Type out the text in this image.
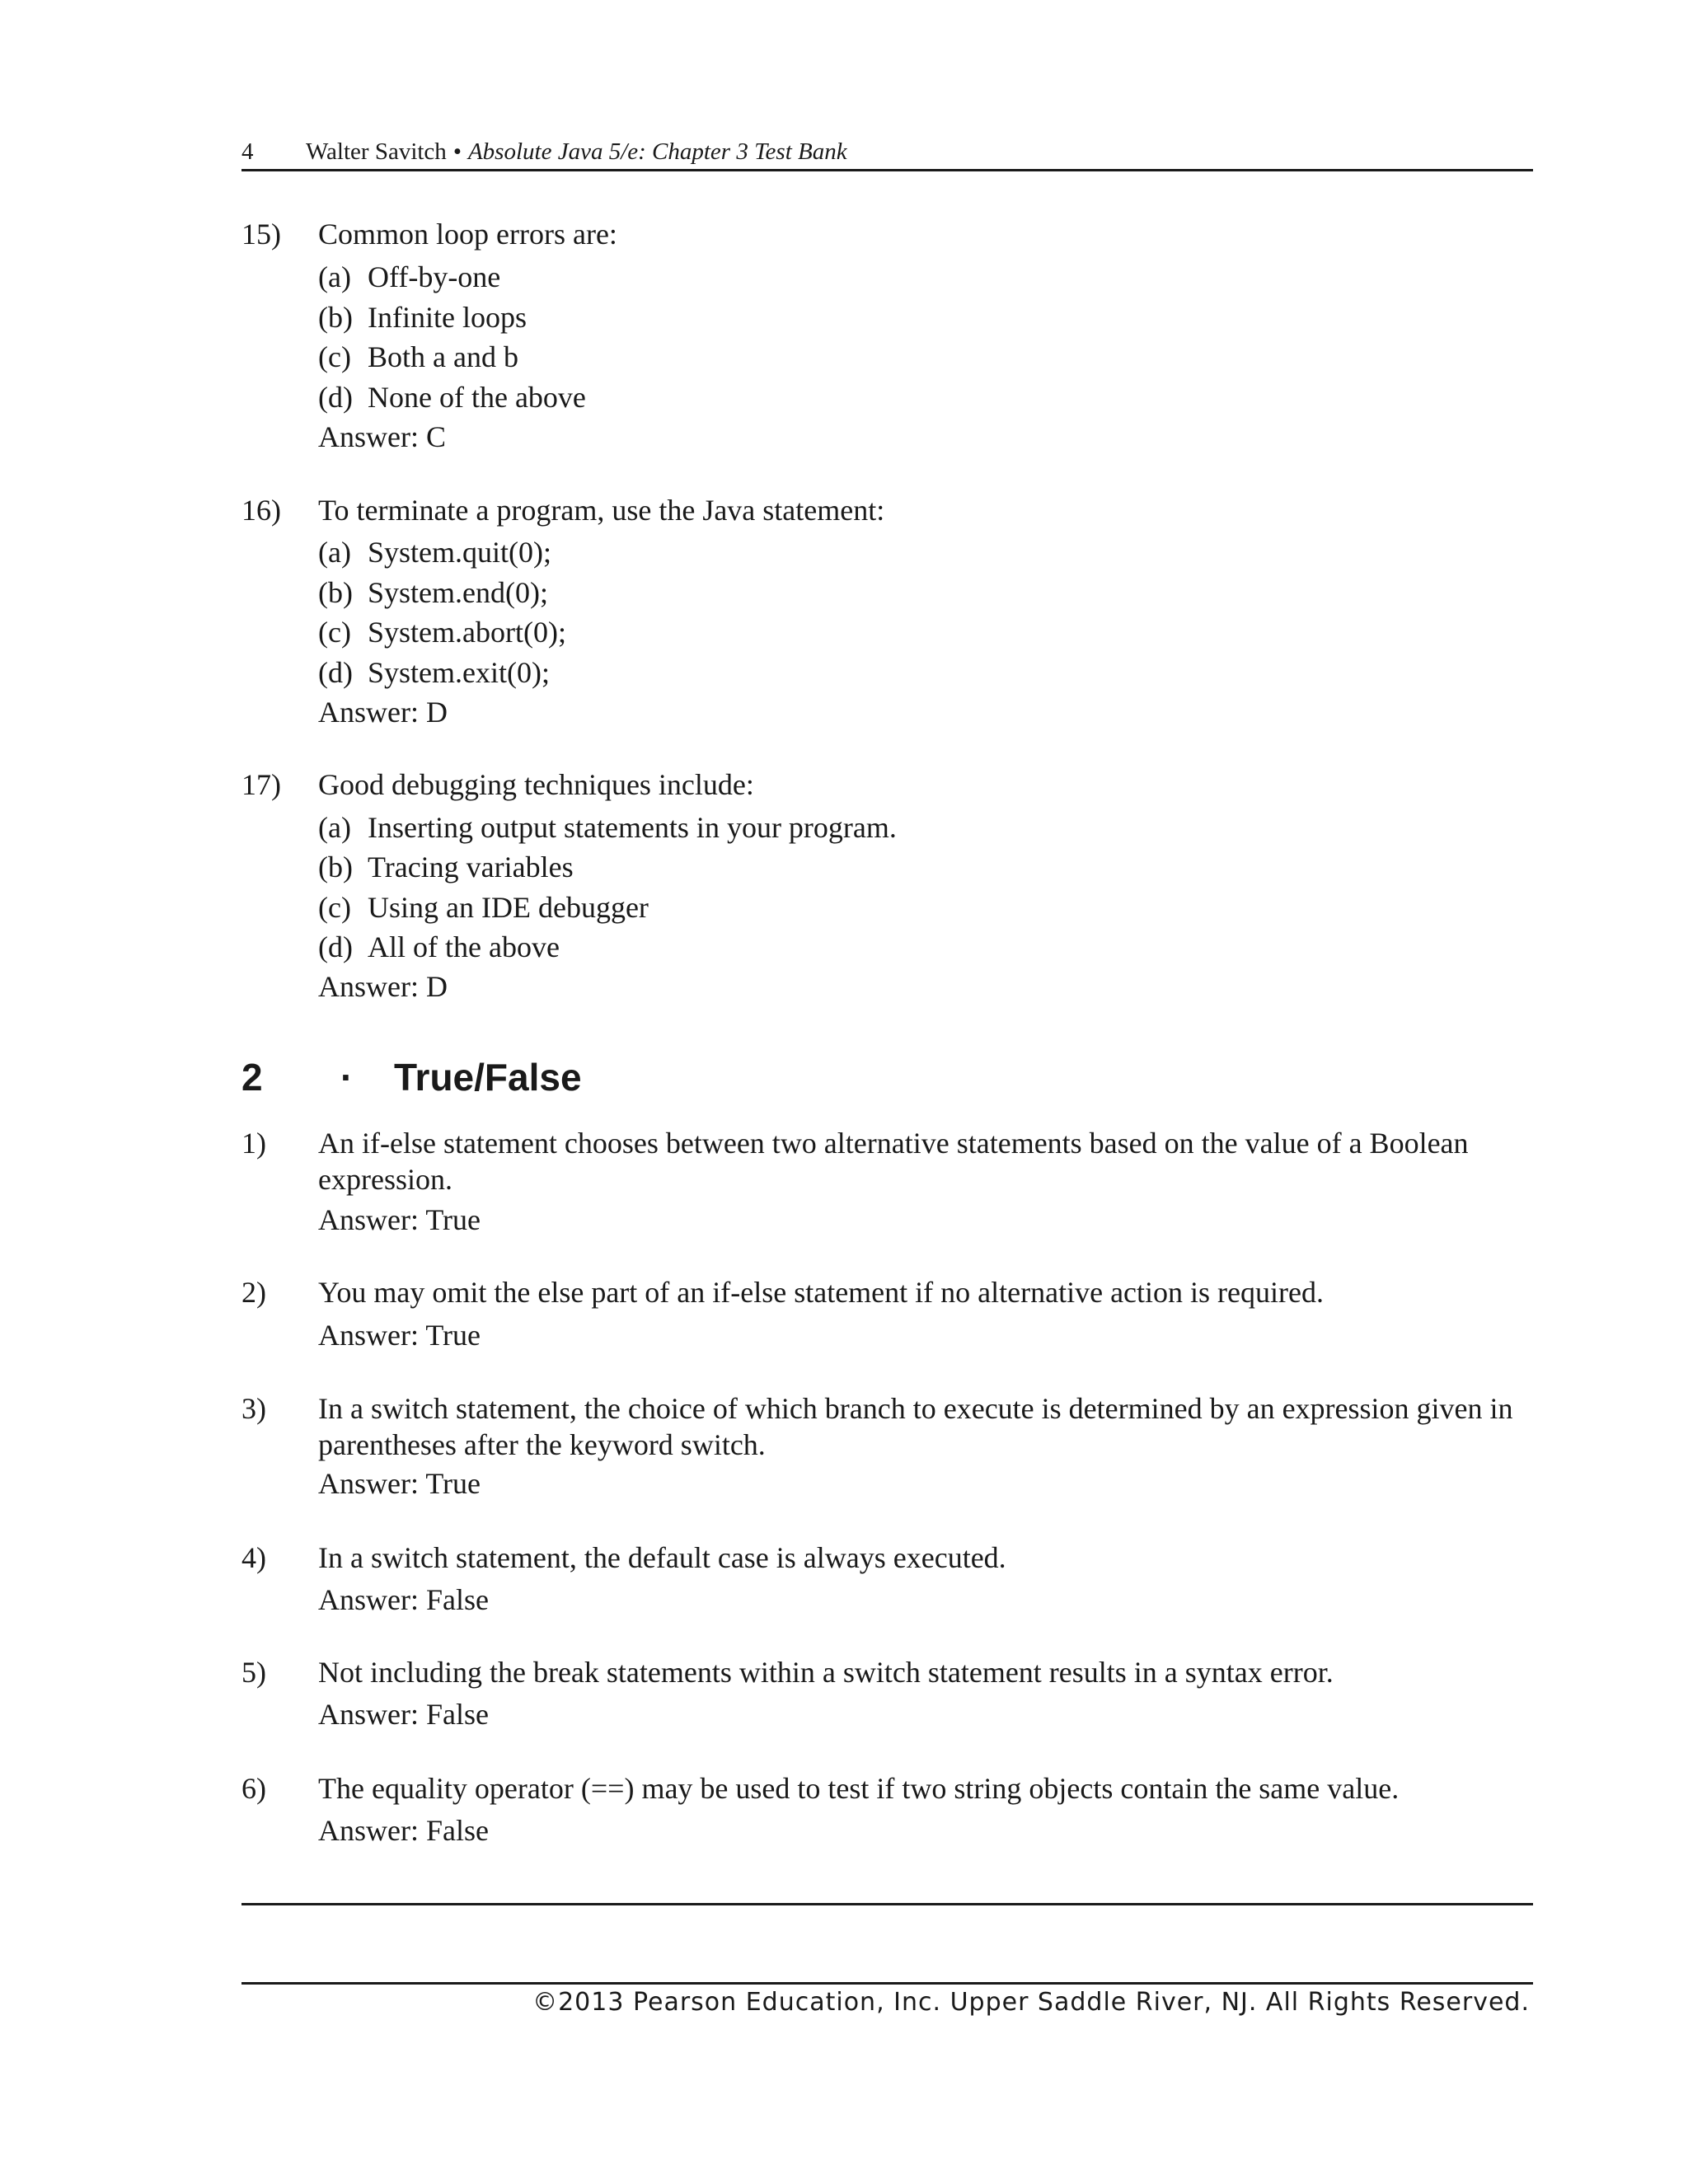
4 Walter Savitch • Absolute Java 5/e: Chapter 3 Test Bank
15) Common loop errors are:
(a) Off-by-one
(b) Infinite loops
(c) Both a and b
(d) None of the above
Answer: C
16) To terminate a program, use the Java statement:
(a) System.quit(0);
(b) System.end(0);
(c) System.abort(0);
(d) System.exit(0);
Answer: D
17) Good debugging techniques include:
(a) Inserting output statements in your program.
(b) Tracing variables
(c) Using an IDE debugger
(d) All of the above
Answer: D
2 · True/False
1) An if-else statement chooses between two alternative statements based on the value of a Boolean expression.
Answer: True
2) You may omit the else part of an if-else statement if no alternative action is required.
Answer: True
3) In a switch statement, the choice of which branch to execute is determined by an expression given in parentheses after the keyword switch.
Answer: True
4) In a switch statement, the default case is always executed.
Answer: False
5) Not including the break statements within a switch statement results in a syntax error.
Answer: False
6) The equality operator (==) may be used to test if two string objects contain the same value.
Answer: False
©2013 Pearson Education, Inc. Upper Saddle River, NJ. All Rights Reserved.
